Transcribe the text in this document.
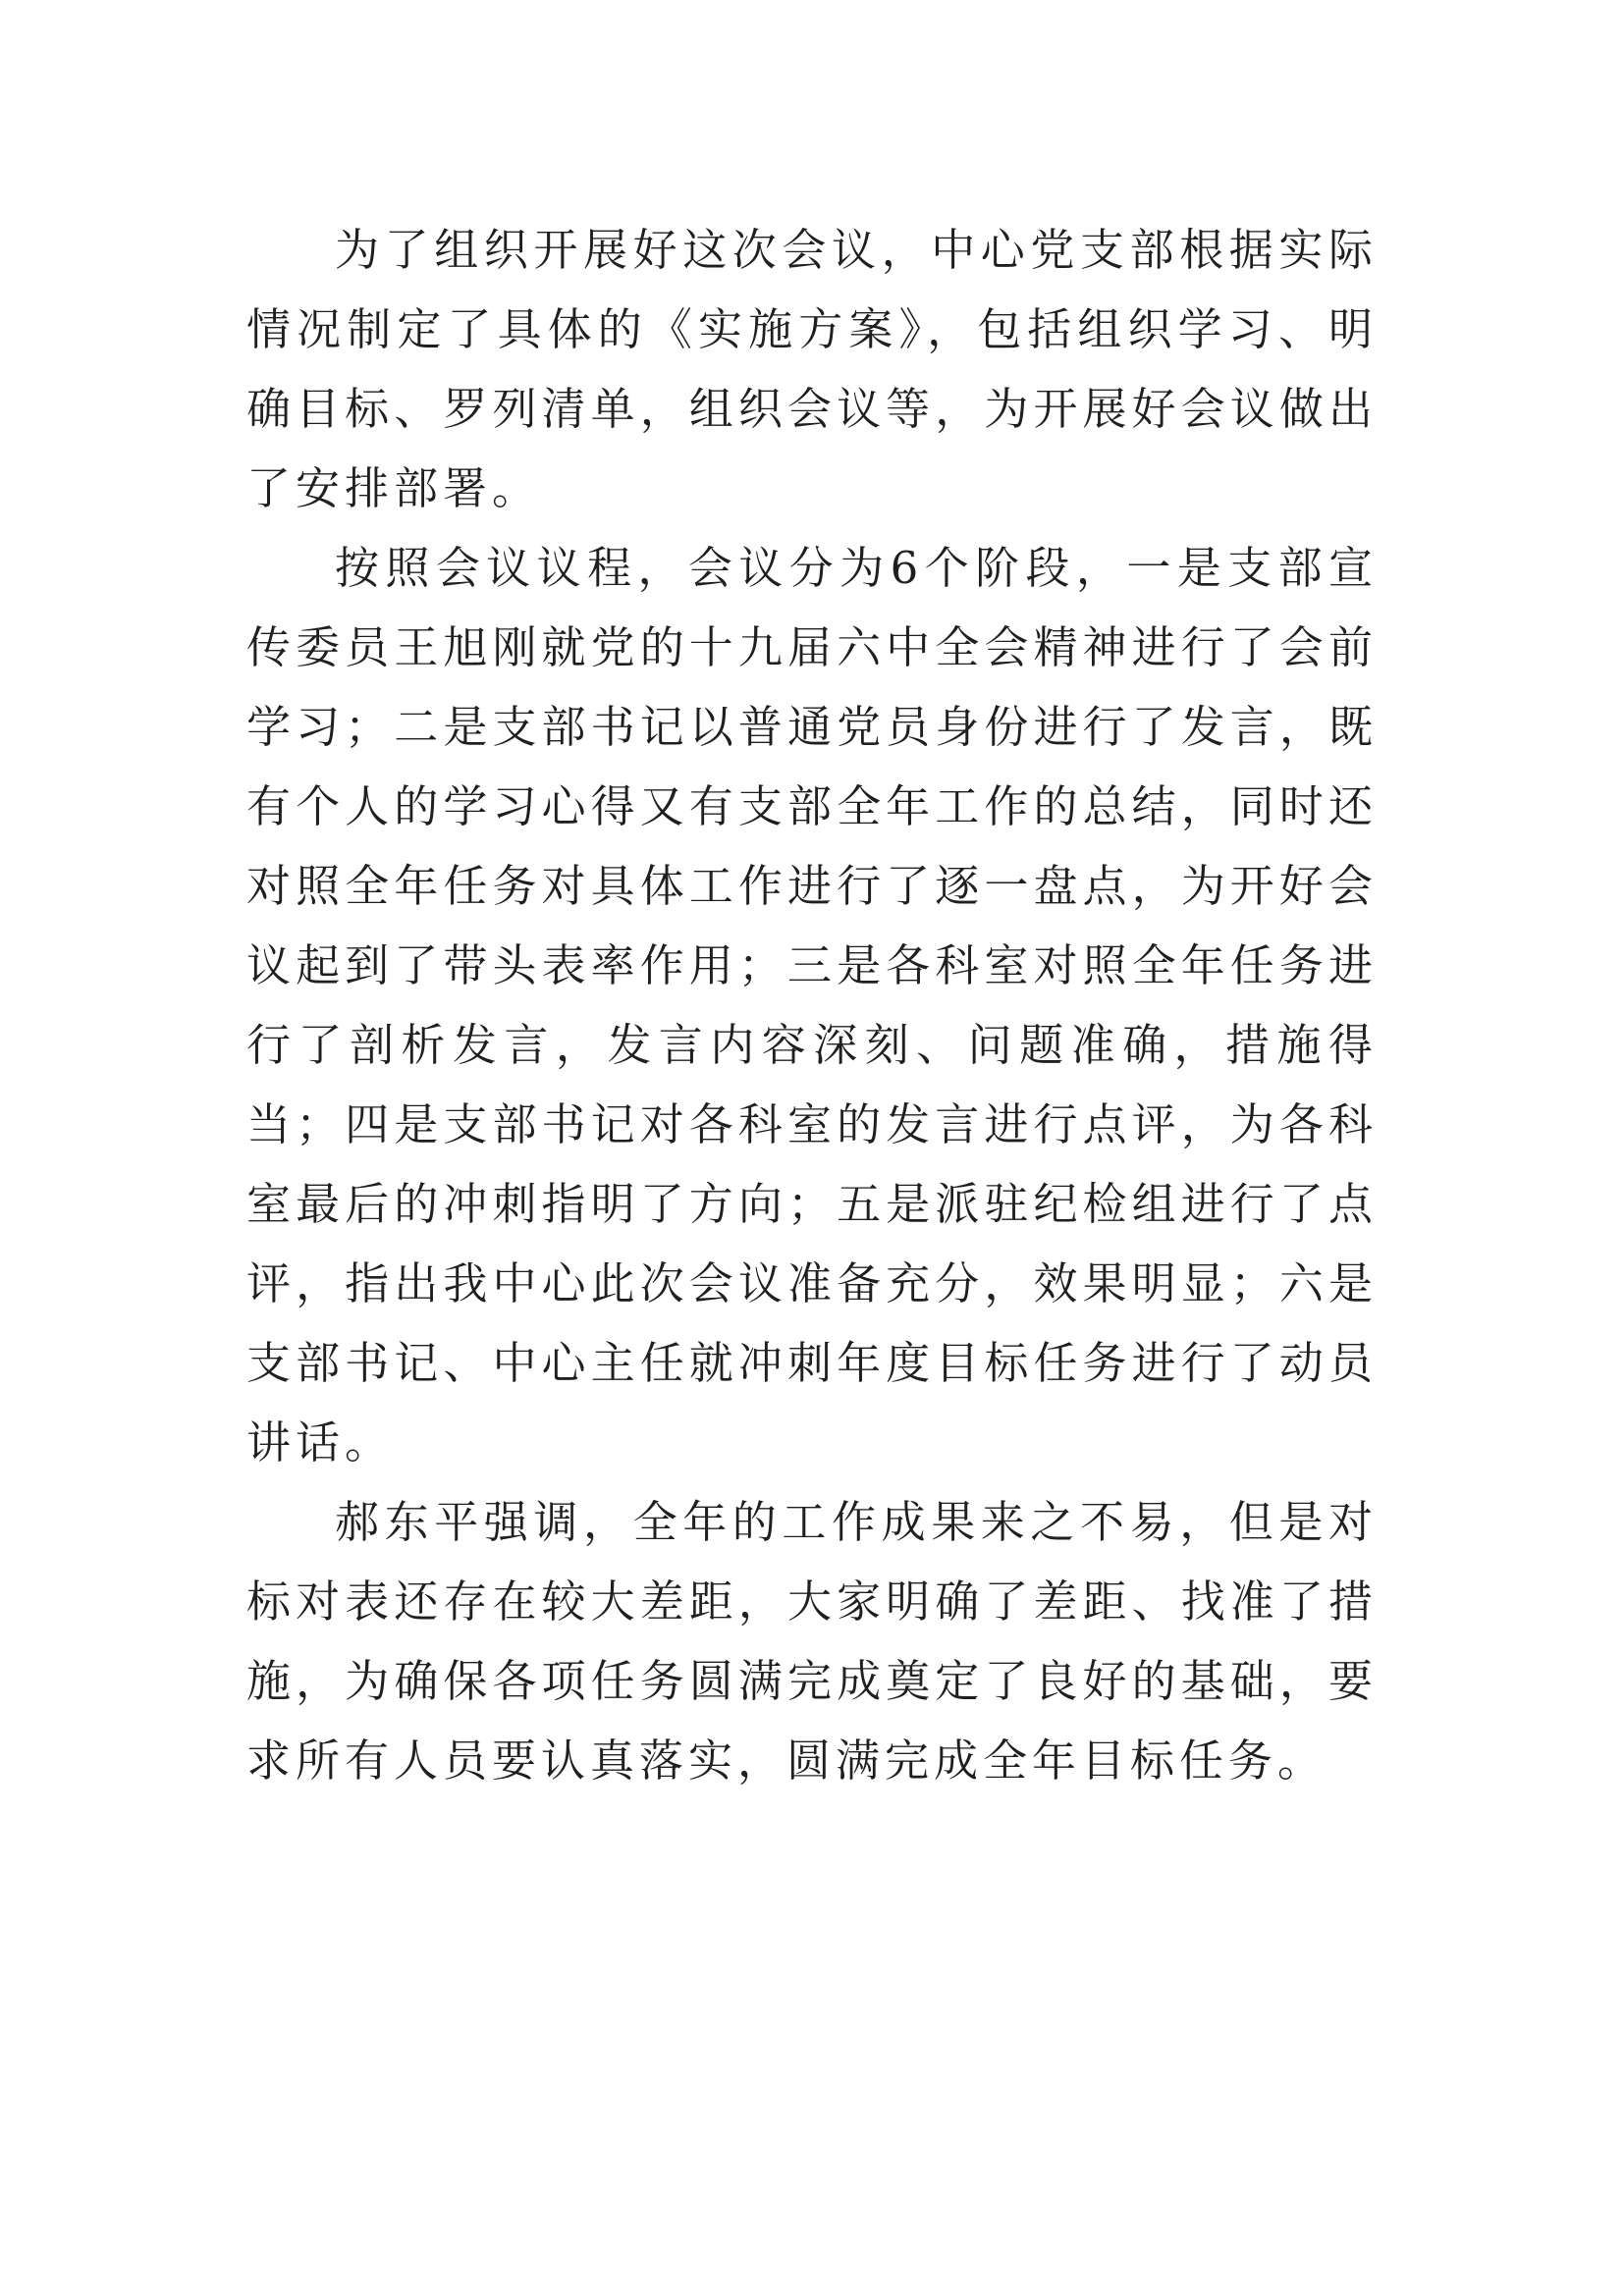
为了组织开展好这次会议，中心党支部根据实际情况制定了具体的《实施方案》，包括组织学习、明确目标、罗列清单，组织会议等，为开展好会议做出了安排部署。

按照会议议程，会议分为6个阶段，一是支部宣传委员王旭刚就党的十九届六中全会精神进行了会前学习；二是支部书记以普通党员身份进行了发言，既有个人的学习心得又有支部全年工作的总结，同时还对照全年任务对具体工作进行了逐一盘点，为开好会议起到了带头表率作用；三是各科室对照全年任务进行了剖析发言，发言内容深刻、问题准确，措施得当；四是支部书记对各科室的发言进行点评，为各科室最后的冲刺指明了方向；五是派驻纪检组进行了点评，指出我中心此次会议准备充分，效果明显；六是支部书记、中心主任就冲刺年度目标任务进行了动员讲话。

郝东平强调，全年的工作成果来之不易，但是对标对表还存在较大差距，大家明确了差距、找准了措施，为确保各项任务圆满完成奠定了良好的基础，要求所有人员要认真落实，圆满完成全年目标任务。
